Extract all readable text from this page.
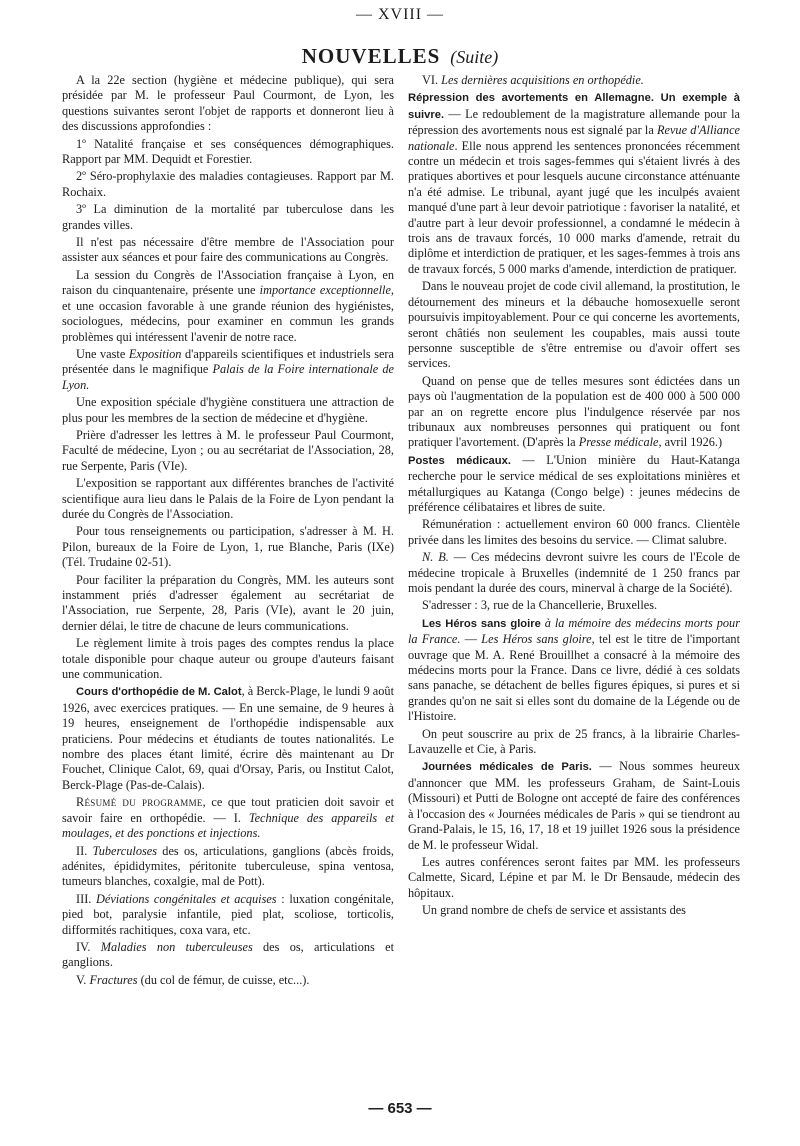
— XVIII —
NOUVELLES (Suite)

A la 22e section (hygiène et médecine publique), qui sera présidée par M. le professeur Paul Courmont, de Lyon, les questions suivantes seront l'objet de rapports et donneront lieu à des discussions approfondies :

1º Natalité française et ses conséquences démographiques. Rapport par MM. Dequidt et Forestier.

2º Séro-prophylaxie des maladies contagieuses. Rapport par M. Rochaix.

3º La diminution de la mortalité par tuberculose dans les grandes villes.

Il n'est pas nécessaire d'être membre de l'Association pour assister aux séances et pour faire des communications au Congrès.

La session du Congrès de l'Association française à Lyon, en raison du cinquantenaire, présente une importance exceptionnelle, et une occasion favorable à une grande réunion des hygiénistes, sociologues, médecins, pour examiner en commun les grands problèmes qui intéressent l'avenir de notre race.

Une vaste Exposition d'appareils scientifiques et industriels sera présentée dans le magnifique Palais de la Foire internationale de Lyon.

Une exposition spéciale d'hygiène constituera une attraction de plus pour les membres de la section de médecine et d'hygiène.

Prière d'adresser les lettres à M. le professeur Paul Courmont, Faculté de médecine, Lyon ; ou au secrétariat de l'Association, 28, rue Serpente, Paris (VIe).

L'exposition se rapportant aux différentes branches de l'activité scientifique aura lieu dans le Palais de la Foire de Lyon pendant la durée du Congrès de l'Association.

Pour tous renseignements ou participation, s'adresser à M. H. Pilon, bureaux de la Foire de Lyon, 1, rue Blanche, Paris (IXe) (Tél. Trudaine 02-51).

Pour faciliter la préparation du Congrès, MM. les auteurs sont instamment priés d'adresser également au secrétariat de l'Association, rue Serpente, 28, Paris (VIe), avant le 20 juin, dernier délai, le titre de chacune de leurs communications.

Le règlement limite à trois pages des comptes rendus la place totale disponible pour chaque auteur ou groupe d'auteurs faisant une communication.

Cours d'orthopédie de M. Calot, à Berck-Plage, le lundi 9 août 1926, avec exercices pratiques. — En une semaine, de 9 heures à 19 heures, enseignement de l'orthopédie indispensable aux praticiens. Pour médecins et étudiants de toutes nationalités. Le nombre des places étant limité, écrire dès maintenant au Dr Fouchet, Clinique Calot, 69, quai d'Orsay, Paris, ou Institut Calot, Berck-Plage (Pas-de-Calais).

Résumé du programme, ce que tout praticien doit savoir et savoir faire en orthopédie. — I. Technique des appareils et moulages, et des ponctions et injections.

II. Tuberculoses des os, articulations, ganglions (abcès froids, adénites, épididymites, péritonite tuberculeuse, spina ventosa, tumeurs blanches, coxalgie, mal de Pott).

III. Déviations congénitales et acquises : luxation congénitale, pied bot, paralysie infantile, pied plat, scoliose, torticolis, difformités rachitiques, coxa vara, etc.

IV. Maladies non tuberculeuses des os, articulations et ganglions.

V. Fractures (du col de fémur, de cuisse, etc...).

VI. Les dernières acquisitions en orthopédie.

Répression des avortements en Allemagne. Un exemple à suivre. — Le redoublement de la magistrature allemande pour la répression des avortements nous est signalé par la Revue d'Alliance nationale. Elle nous apprend les sentences prononcées récemment contre un médecin et trois sages-femmes qui s'étaient livrés à des pratiques abortives et pour lesquels aucune circonstance atténuante n'a été admise. Le tribunal, ayant jugé que les inculpés avaient manqué d'une part à leur devoir patriotique : favoriser la natalité, et d'autre part à leur devoir professionnel, a condamné le médecin à trois ans de travaux forcés, 10 000 marks d'amende, retrait du diplôme et interdiction de pratiquer, et les sages-femmes à trois ans de travaux forcés, 5 000 marks d'amende, interdiction de pratiquer.

Dans le nouveau projet de code civil allemand, la prostitution, le détournement des mineurs et la débauche homosexuelle seront poursuivis impitoyablement. Pour ce qui concerne les avortements, seront châtiés non seulement les coupables, mais aussi toute personne susceptible de s'être entremise ou d'avoir offert ses services.

Quand on pense que de telles mesures sont édictées dans un pays où l'augmentation de la population est de 400 000 à 500 000 par an on regrette encore plus l'indulgence réservée par nos tribunaux aux nombreuses personnes qui pratiquent ou font pratiquer l'avortement. (D'après la Presse médicale, avril 1926.)

Postes médicaux. — L'Union minière du Haut-Katanga recherche pour le service médical de ses exploitations minières et métallurgiques au Katanga (Congo belge) : jeunes médecins de préférence célibataires et libres de suite.

Rémunération : actuellement environ 60 000 francs. Clientèle privée dans les limites des besoins du service. — Climat salubre.

N. B. — Ces médecins devront suivre les cours de l'Ecole de médecine tropicale à Bruxelles (indemnité de 1 250 francs par mois pendant la durée des cours, minerval à charge de la Société).

S'adresser : 3, rue de la Chancellerie, Bruxelles.

Les Héros sans gloire à la mémoire des médecins morts pour la France. — Les Héros sans gloire, tel est le titre de l'important ouvrage que M. A. René Brouillhet a consacré à la mémoire des médecins morts pour la France. Dans ce livre, dédié à ces soldats sans panache, se détachent de belles figures épiques, si pures et si grandes qu'on ne sait si elles sont du domaine de la Légende ou de l'Histoire.

On peut souscrire au prix de 25 francs, à la librairie Charles-Lavauzelle et Cie, à Paris.

Journées médicales de Paris. — Nous sommes heureux d'annoncer que MM. les professeurs Graham, de Saint-Louis (Missouri) et Putti de Bologne ont accepté de faire des conférences à l'occasion des « Journées médicales de Paris » qui se tiendront au Grand-Palais, le 15, 16, 17, 18 et 19 juillet 1926 sous la présidence de M. le professeur Widal.

Les autres conférences seront faites par MM. les professeurs Calmette, Sicard, Lépine et par M. le Dr Bensaude, médecin des hôpitaux.

Un grand nombre de chefs de service et assistants des

— 653 —
